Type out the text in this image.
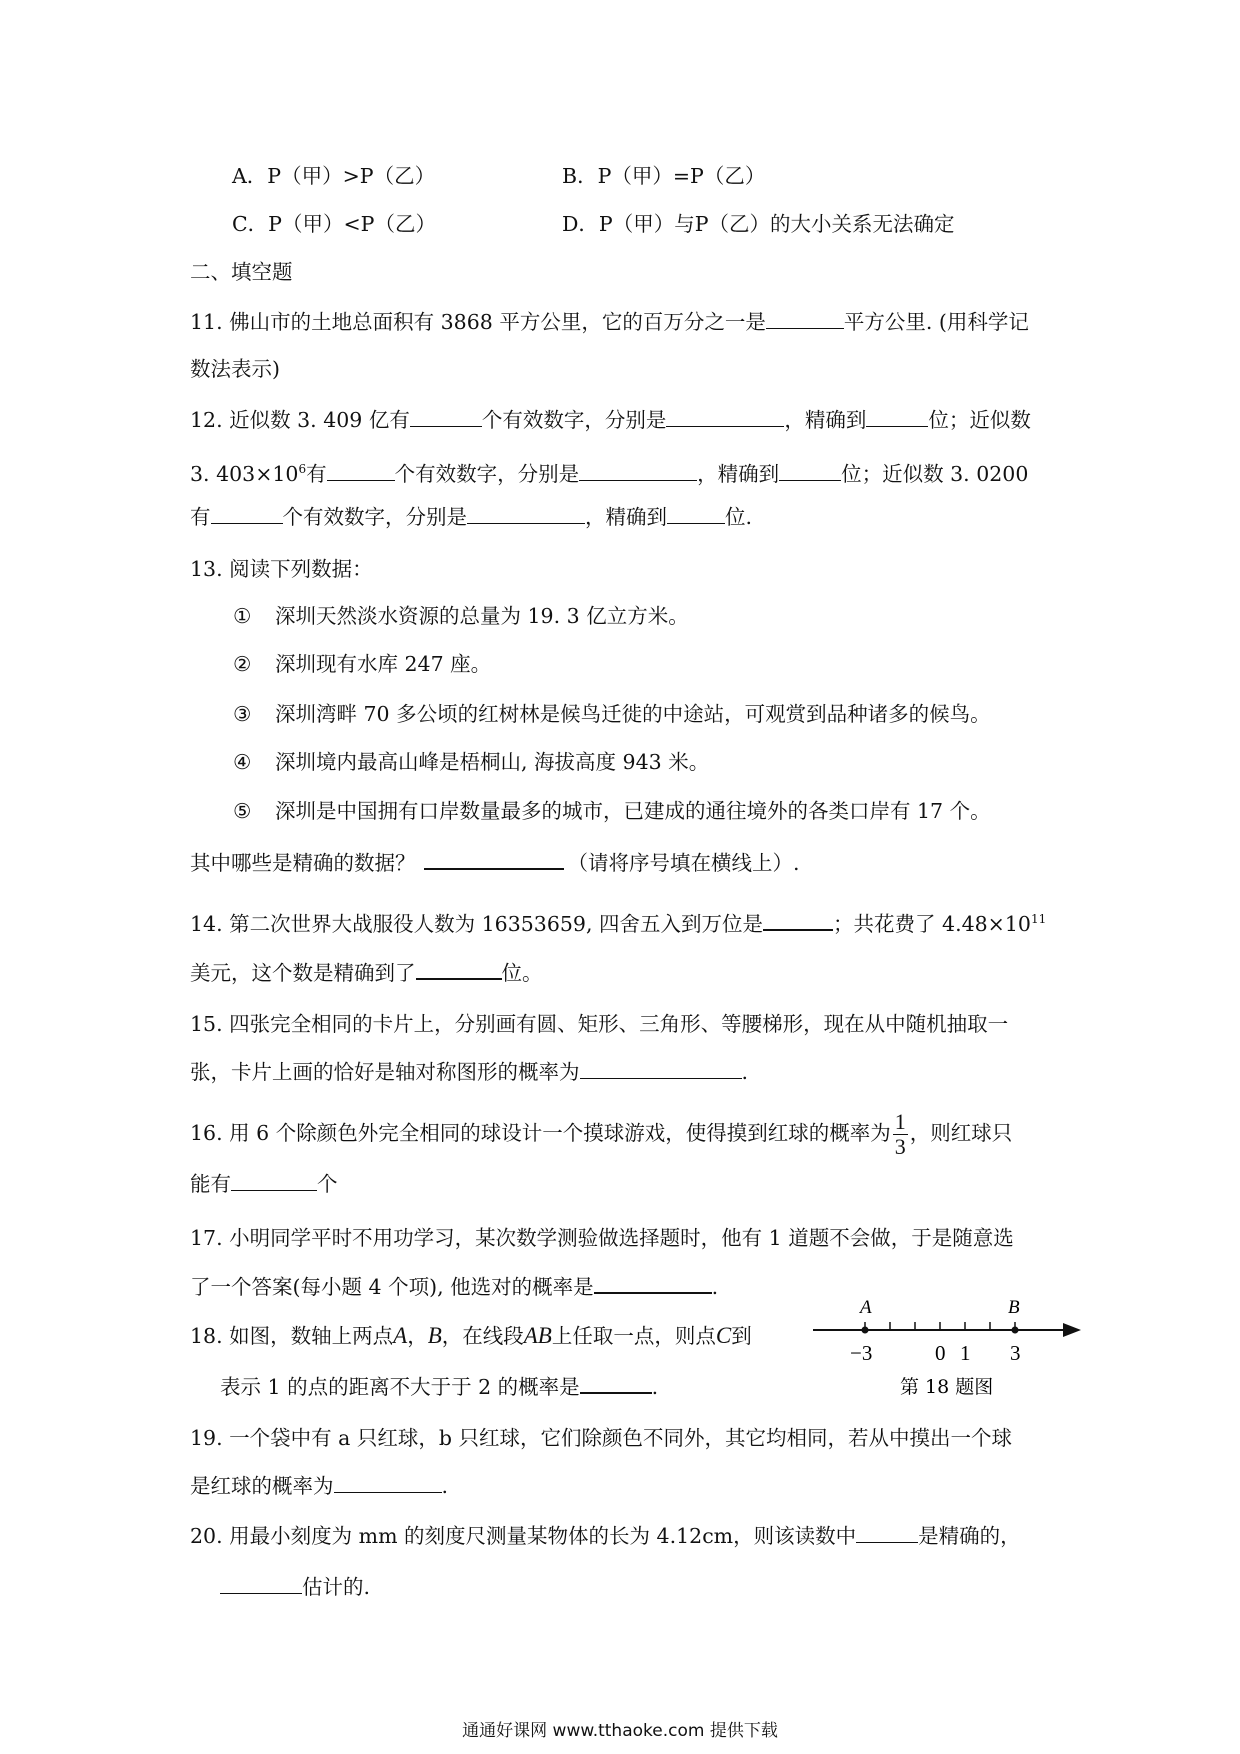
A．P（甲）>P（乙）	B．P（甲）=P（乙）
C．P（甲）<P（乙）	D．P（甲）与P（乙）的大小关系无法确定
二、填空题
11. 佛山市的土地总面积有 3868 平方公里，它的百万分之一是	平方公里. (用科学记
数法表示)
12. 近似数 3. 409 亿有	个有效数字，分别是	，精确到	位；近似数
3. $403\times 10^6$有	个有效数字，分别是	，精确到	位；近似数 3. 0200
有	个有效数字，分别是	，精确到	位.
13. 阅读下列数据：
① 深圳天然淡水资源的总量为 19. 3 亿立方米。
② 深圳现有水库 247 座。
③ 深圳湾畔 70 多公顷的红树林是候鸟迁徙的中途站，可观赏到品种诸多的候鸟。
④ 深圳境内最高山峰是梧桐山, 海拔高度 943 米。
⑤ 深圳是中国拥有口岸数量最多的城市，已建成的通往境外的各类口岸有 17 个。
其中哪些是精确的数据？	（请将序号填在横线上）.
14. 第二次世界大战服役人数为 16353659, 四舍五入到万位是	；共花费了 $4.48\times 10^{11}$
美元，这个数是精确到了	位。
15. 四张完全相同的卡片上，分别画有圆、矩形、三角形、等腰梯形，现在从中随机抽取一
张，卡片上画的恰好是轴对称图形的概率为	.
16. 用 6 个除颜色外完全相同的球设计一个摸球游戏，使得摸到红球的概率为 $\frac{1}{3}$ ，则红球只
能有	个
17. 小明同学平时不用功学习，某次数学测验做选择题时，他有 1 道题不会做，于是随意选
了一个答案(每小题 4 个项), 他选对的概率是	.
18. 如图，数轴上两点A，B，在线段AB上任取一点，则点C到
表示 1 的点的距离不大于于 2 的概率是	.
A	B
−3	0 1 3
第 18 题图
19. 一个袋中有 a 只红球，b 只红球，它们除颜色不同外，其它均相同，若从中摸出一个球
是红球的概率为	.
20. 用最小刻度为 mm 的刻度尺测量某物体的长为 4.12cm，则该读数中	是精确的，
估计的.
通通好课网 www.tthaoke.com 提供下载
